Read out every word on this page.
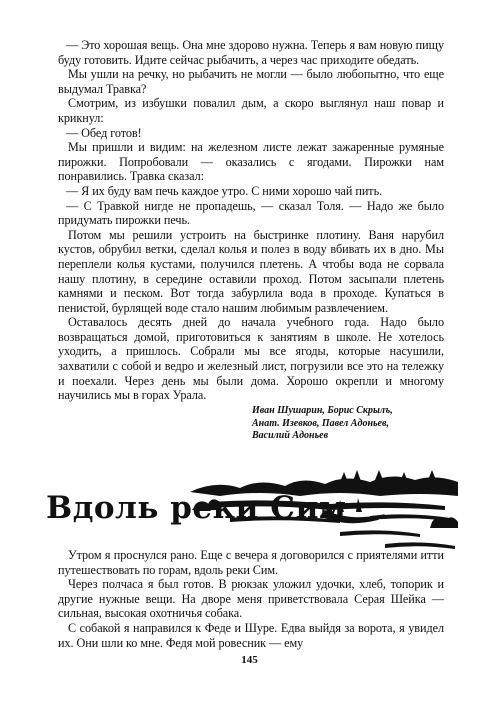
— Это хорошая вещь. Она мне здорово нужна. Теперь я вам новую пищу буду готовить. Идите сейчас рыбачить, а через час приходите обедать.

Мы ушли на речку, но рыбачить не могли — было любопытно, что еще выдумал Травка?

Смотрим, из избушки повалил дым, а скоро выглянул наш повар и крикнул:

— Обед готов!

Мы пришли и видим: на железном листе лежат зажаренные румяные пирожки. Попробовали — оказались с ягодами. Пирожки нам понравились. Травка сказал:

— Я их буду вам печь каждое утро. С ними хорошо чай пить.

— С Травкой нигде не пропадешь, — сказал Толя. — Надо же было придумать пирожки печь.

Потом мы решили устроить на быстринке плотину. Ваня нарубил кустов, обрубил ветки, сделал колья и полез в воду вбивать их в дно. Мы переплели колья кустами, получился плетень. А чтобы вода не сорвала нашу плотину, в середине оставили проход. Потом засыпали плетень камнями и песком. Вот тогда забурлила вода в проходе. Купаться в пенистой, бурлящей воде стало нашим любимым развлечением.

Оставалось десять дней до начала учебного года. Надо было возвращаться домой, приготовиться к занятиям в школе. Не хотелось уходить, а пришлось. Собрали мы все ягоды, которые насушили, захватили с собой и ведро и железный лист, погрузили все это на тележку и поехали. Через день мы были дома. Хорошо окрепли и многому научились мы в горах Урала.

Иван Шушарин, Борис Скрылъ,
Анат. Изевков, Павел Адоньев,
Василий Адоньев
Вдоль реки Сим

Утром я проснулся рано. Еще с вечера я договорился с приятелями итти путешествовать по горам, вдоль реки Сим.

Через полчаса я был готов. В рюкзак уложил удочки, хлеб, топорик и другие нужные вещи. На дворе меня приветствовала Серая Шейка — сильная, высокая охотничья собака.

С собакой я направился к Феде и Шуре. Едва выйдя за ворота, я увидел их. Они шли ко мне. Федя мой ровесник — ему

145
